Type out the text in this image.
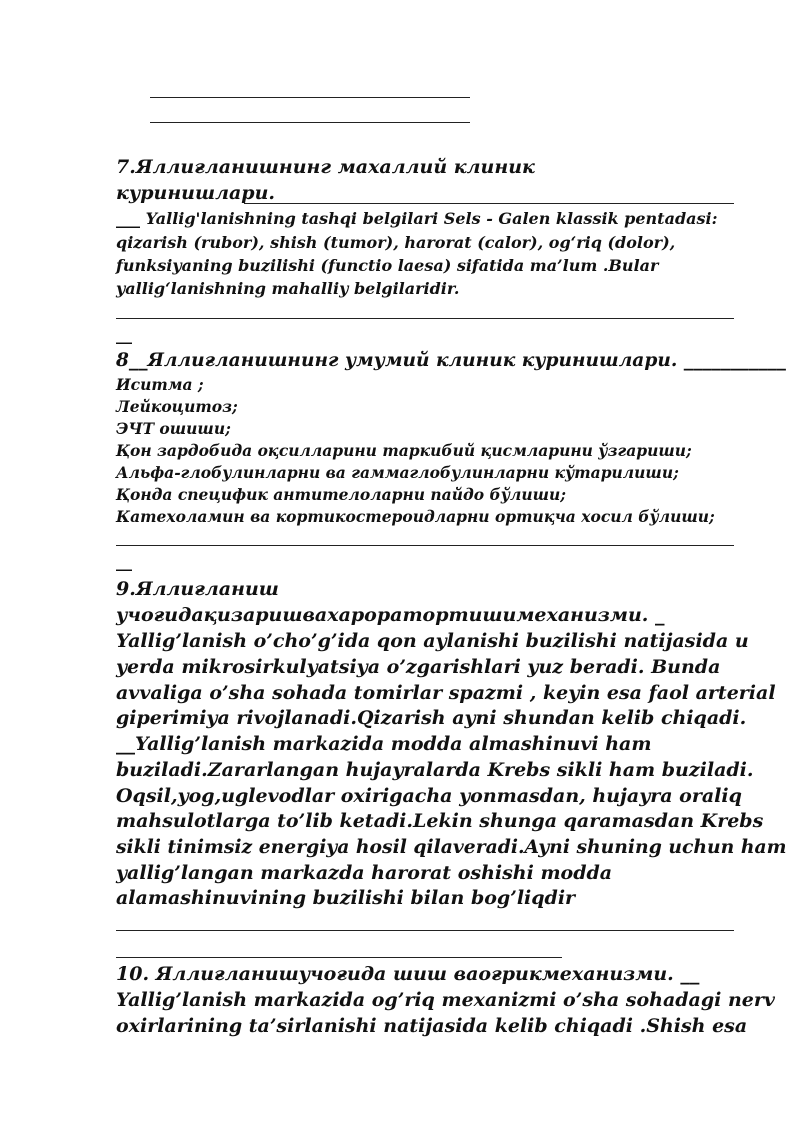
7.Яллиғланишнинг махаллий клиник
куринишлари.
___ Yallig'lanishning tashqi belgilari Sels - Galen klassik pentadasi:
qizarish (rubor), shish (tumor), harorat (calor), og‘riq (dolor),
funksiyaning buzilishi (functio laesa) sifatida ma’lum .Bular
yallig‘lanishning mahalliy belgilaridir.
__
8__Яллиғланишнинг умумий клиник куринишлари. ___________
Иситма ;
Лейкоцитоз;
ЭЧТ ошиши;
Қон зардобида оқсилларини таркибий қисмларини ўзгариши;
Альфа-глобулинларни ва гаммаглобулинларни кўтарилиши;
Қонда специфик антителоларни пайдо бўлиши;
Катехоламин ва кортикостероидларни ортиқча хосил бўлиши;
__
9.Яллиғланиш
учоғидақизаришвахароратортишимеханизми. _
Yallig’lanish o’cho’g’ida qon aylanishi buzilishi natijasida u
yerda mikrosirkulyatsiya o’zgarishlari yuz beradi. Bunda
avvaliga o’sha sohada tomirlar spazmi , keyin esa faol arterial
giperimiya rivojlanadi.Qizarish ayni shundan kelib chiqadi.
__Yallig’lanish markazida modda almashinuvi ham
buziladi.Zararlangan hujayralarda Krebs sikli ham buziladi.
Oqsil,yog,uglevodlar oxirigacha yonmasdan, hujayra oraliq
mahsulotlarga to’lib ketadi.Lekin shunga qaramasdan Krebs
sikli tinimsiz energiya hosil qilaveradi.Ayni shuning uchun ham
yallig’langan markazda harorat oshishi modda
alamashinuvining buzilishi bilan bog’liqdir
10. Яллиғланишучоғида шиш ваоғрикмеханизми. __
Yallig’lanish markazida og’riq mexanizmi o’sha sohadagi nerv
oxirlarining ta’sirlanishi natijasida kelib chiqadi .Shish esa
